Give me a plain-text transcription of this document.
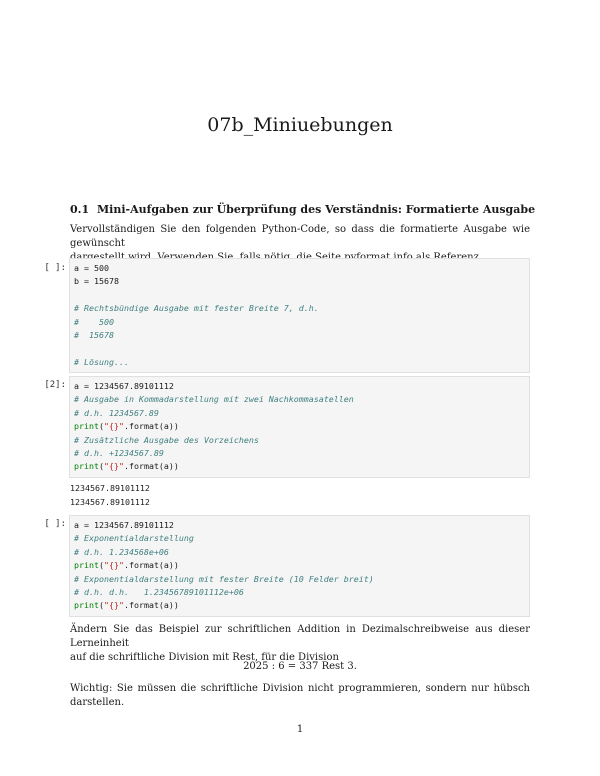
07b_Miniuebungen
0.1 Mini-Aufgaben zur Überprüfung des Verständnis: Formatierte Ausgabe
Vervollständigen Sie den folgenden Python-Code, so dass die formatierte Ausgabe wie gewünscht
[ ]: a = 500
b = 15678
# Rechtsbündige Ausgabe mit fester Breite 7, d.h.
#    500
#  15678
# Lösung...
[2]: a = 1234567.89101112
# Ausgabe in Kommadarstellung mit zwei Nachkommasatellen
# d.h. 1234567.89
print("{}".format(a))
# Zusätzliche Ausgabe des Vorzeichens
# d.h. +1234567.89
print("{}".format(a))
1234567.89101112
1234567.89101112
[ ]: a = 1234567.89101112
# Exponentialdarstellung
# d.h. 1.234568e+06
print("{}".format(a))
# Exponentialdarstellung mit fester Breite (10 Felder breit)
# d.h. d.h.   1.23456789101112e+06
print("{}".format(a))
Ändern Sie das Beispiel zur schriftlichen Addition in Dezimalschreibweise aus dieser Lerneinheit
auf die schriftliche Division mit Rest, für die Division
2025 : 6 = 337 Rest 3.
Wichtig: Sie müssen die schriftliche Division nicht programmieren, sondern nur hübsch
darstellen.
1
